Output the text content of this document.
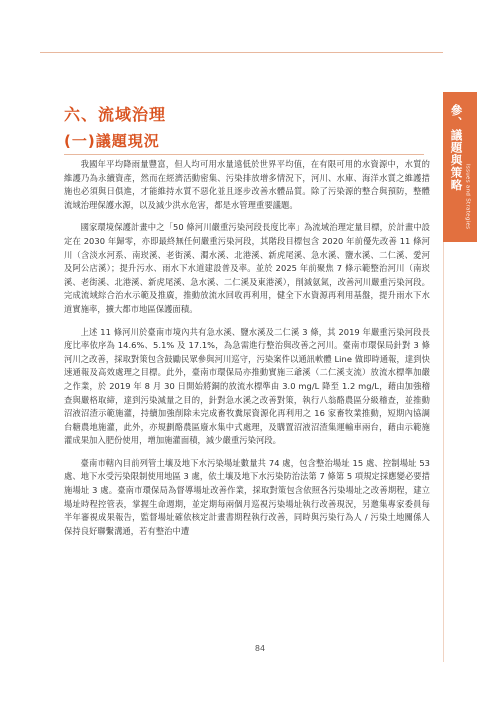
參、議題與策略
Issues and Strategies
六、流域治理
(一)議題現況

我國年平均降雨量豐富，但人均可用水量遠低於世界平均值，在有限可用的水資源中，水質的維護乃為永續資產，然而在經濟活動密集、污染排放增多情況下，河川、水庫、海洋水質之維護措施也必須與日俱進，才能維持水質不惡化並且逐步改善水體品質。除了污染源的整合與預防，整體流域治理保護水源，以及減少洪水危害，都是水管理重要議題。

國家環境保護計畫中之「50 條河川嚴重污染河段長度比率」為流域治理定量目標，於計畫中設定在 2030 年歸零，亦即最終無任何嚴重污染河段，其階段目標包含 2020 年前優先改善 11 條河川（含淡水河系、南崁溪、老街溪、濁水溪、北港溪、新虎尾溪、急水溪、鹽水溪、二仁溪、愛河及阿公店溪）；提升污水、雨水下水道建設普及率。並於 2025 年前聚焦 7 條示範整治河川（南崁溪、老街溪、北港溪、新虎尾溪、急水溪、二仁溪及東港溪），削減氨氮，改善河川嚴重污染河段。完成流域綜合治水示範及推廣，推動放流水回收再利用，健全下水資源再利用基盤，提升雨水下水道實施率，擴大都市地區保護面積。

上述 11 條河川於臺南市境內共有急水溪、鹽水溪及二仁溪 3 條，其 2019 年嚴重污染河段長度比率依序為 14.6%、5.1% 及 17.1%，為急需進行整治與改善之河川。臺南市環保局針對 3 條河川之改善，採取對策包含鼓勵民眾參與河川巡守，污染案件以通訊軟體 Line 做即時通報，達到快速通報及高效處理之目標。此外，臺南市環保局亦推動實施三爺溪（二仁溪支流）放流水標準加嚴之作業，於 2019 年 8 月 30 日開始將銅的放流水標準由 3.0 mg/L 降至 1.2 mg/L，藉由加強稽查與嚴格取締，達到污染減量之目的，針對急水溪之改善對策，執行八翁酪農區分級稽查，並推動沼液沼渣示範施灌，持續加強削除未完成畜牧糞尿資源化再利用之 16 家畜牧業推動，短期內協調台糖農地施灌，此外，亦規劃酪農區廢水集中式處理，及購置沼液沼渣集運輸車兩台，藉由示範施灌成果加入肥份使用，增加施灌面積，減少嚴重污染河段。

臺南市轄內目前列管土壤及地下水污染場址數量共 74 處，包含整治場址 15 處、控制場址 53 處、地下水受污染限制使用地區 3 處，依土壤及地下水污染防治法第 7 條第 5 項規定採應變必要措施場址 3 處。臺南市環保局為督導場址改善作業，採取對策包含依照各污染場址之改善期程，建立場址時程控管表，掌握生命週期，並定期每兩個月巡視污染場址執行改善現況，另邀集專家委員每半年審視成果報告，監督場址確依核定計畫書期程執行改善，同時與污染行為人 / 污染土地關係人保持良好聯繫溝通，若有整治中遭

84
